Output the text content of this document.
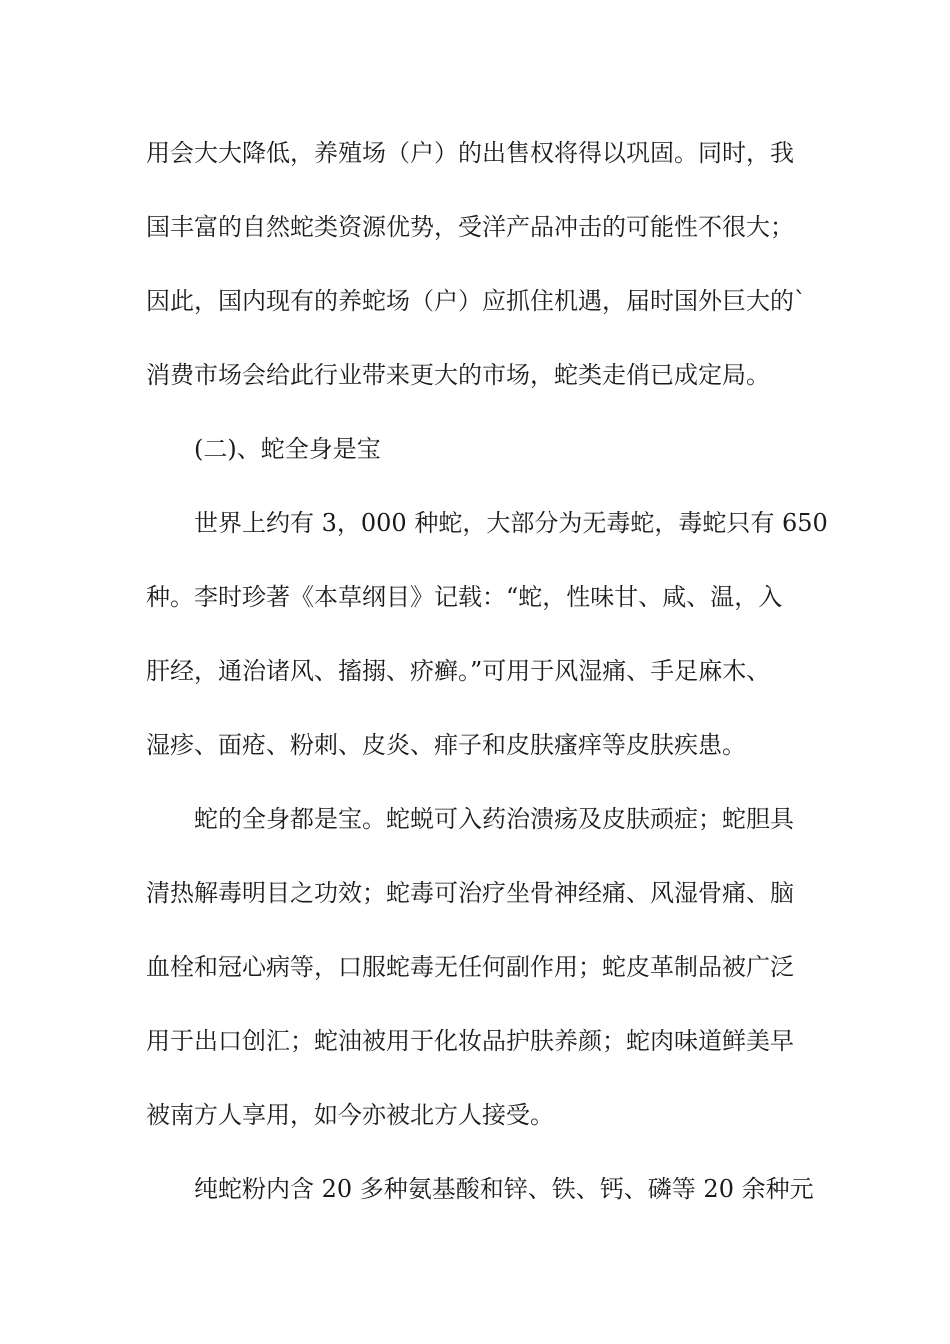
用会大大降低，养殖场（户）的出售权将得以巩固。同时，我
国丰富的自然蛇类资源优势，受洋产品冲击的可能性不很大；
因此，国内现有的养蛇场（户）应抓住机遇，届时国外巨大的`
消费市场会给此行业带来更大的市场，蛇类走俏已成定局。
(二)、蛇全身是宝
世界上约有 3，000 种蛇，大部分为无毒蛇，毒蛇只有 650
种。李时珍著《本草纲目》记载：“蛇，性味甘、咸、温，入
肝经，通治诸风、搐搦、疥癣。”可用于风湿痛、手足麻木、
湿疹、面疮、粉刺、皮炎、痱子和皮肤瘙痒等皮肤疾患。
蛇的全身都是宝。蛇蜕可入药治溃疡及皮肤顽症；蛇胆具
清热解毒明目之功效；蛇毒可治疗坐骨神经痛、风湿骨痛、脑
血栓和冠心病等，口服蛇毒无任何副作用；蛇皮革制品被广泛
用于出口创汇；蛇油被用于化妆品护肤养颜；蛇肉味道鲜美早
被南方人享用，如今亦被北方人接受。
纯蛇粉内含 20 多种氨基酸和锌、铁、钙、磷等 20 余种元
